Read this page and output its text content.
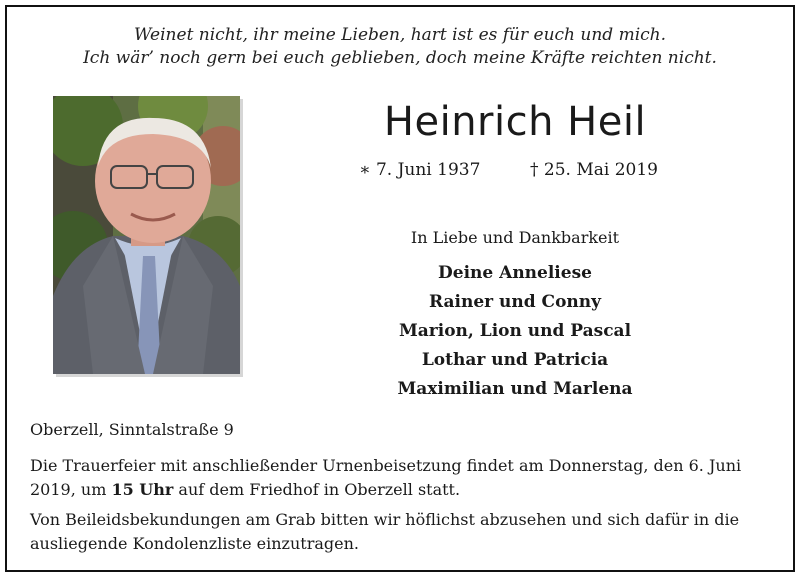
Weinet nicht, ihr meine Lieben, hart ist es für euch und mich.
Ich wär’ noch gern bei euch geblieben, doch meine Kräfte reichten nicht.
Heinrich Heil
∗ 7. Juni 1937	† 25. Mai 2019
In Liebe und Dankbarkeit
Deine Anneliese
Rainer und Conny
Marion, Lion und Pascal
Lothar und Patricia
Maximilian und Marlena
Oberzell, Sinntalstraße 9
Die Trauerfeier mit anschließender Urnenbeisetzung findet am Donnerstag, den 6. Juni 2019, um 15 Uhr auf dem Friedhof in Oberzell statt.
Von Beileidsbekundungen am Grab bitten wir höflichst abzusehen und sich dafür in die ausliegende Kondolenzliste einzutragen.
